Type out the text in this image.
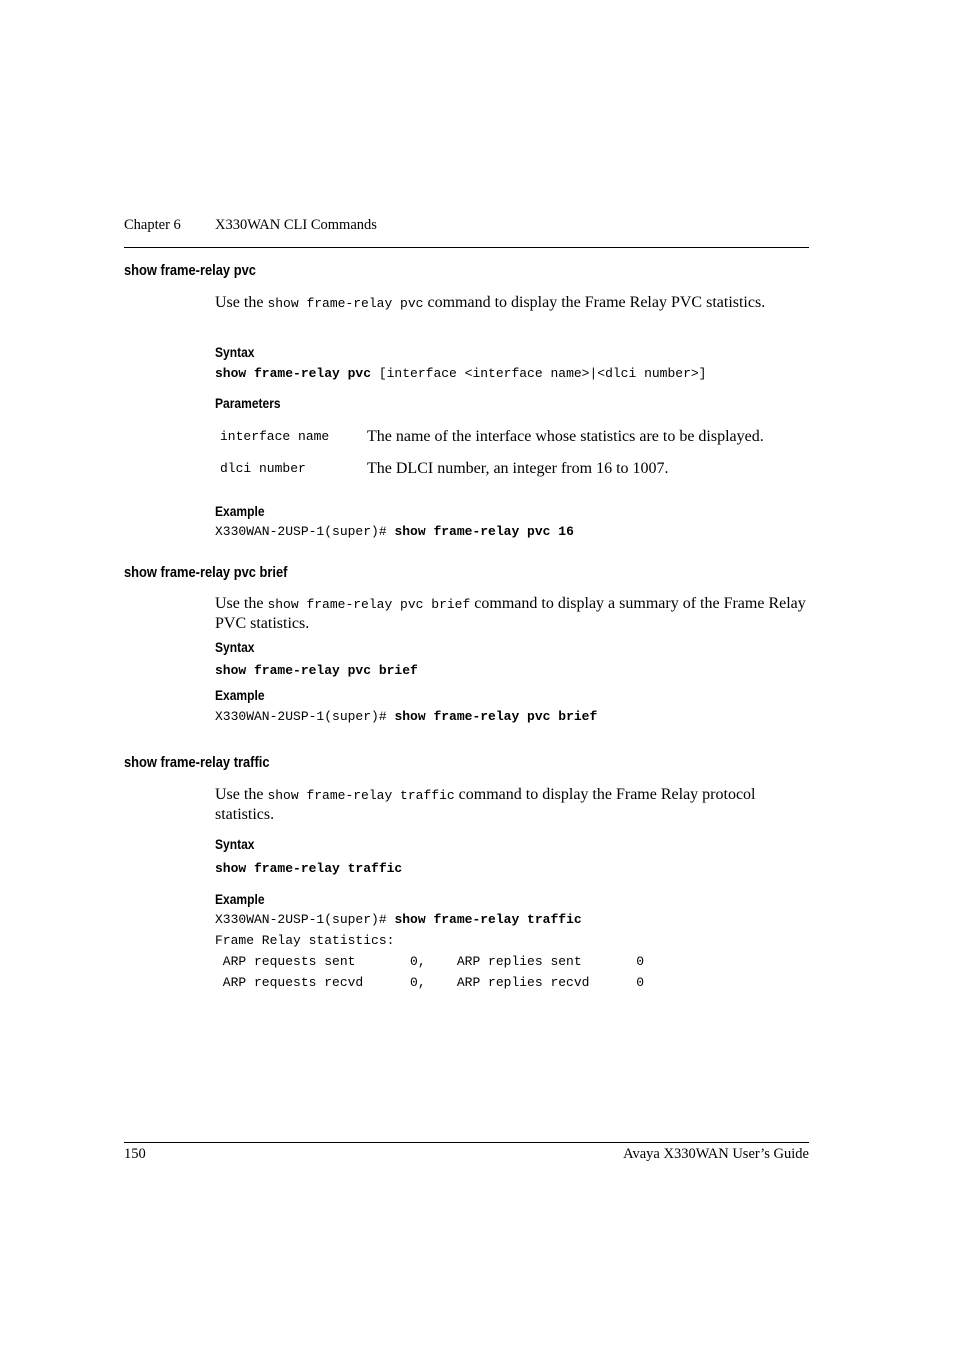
Chapter 6 X330WAN CLI Commands
show frame-relay pvc
Use the show frame-relay pvc command to display the Frame Relay PVC statistics.
Syntax
show frame-relay pvc [interface <interface name>|<dlci number>]
Parameters
interface name The name of the interface whose statistics are to be displayed.
dlci number	The DLCI number, an integer from 16 to 1007.
Example
X330WAN-2USP-1(super)# show frame-relay pvc 16
show frame-relay pvc brief
Use the show frame-relay pvc brief command to display a summary of the Frame Relay PVC statistics.
Syntax
show frame-relay pvc brief
Example
X330WAN-2USP-1(super)# show frame-relay pvc brief
show frame-relay traffic
Use the show frame-relay traffic command to display the Frame Relay protocol statistics.
Syntax
show frame-relay traffic
Example
X330WAN-2USP-1(super)# show frame-relay traffic
Frame Relay statistics:
ARP requests sent       0,    ARP replies sent       0
ARP requests recvd      0,    ARP replies recvd      0
150	Avaya X330WAN User’s Guide
